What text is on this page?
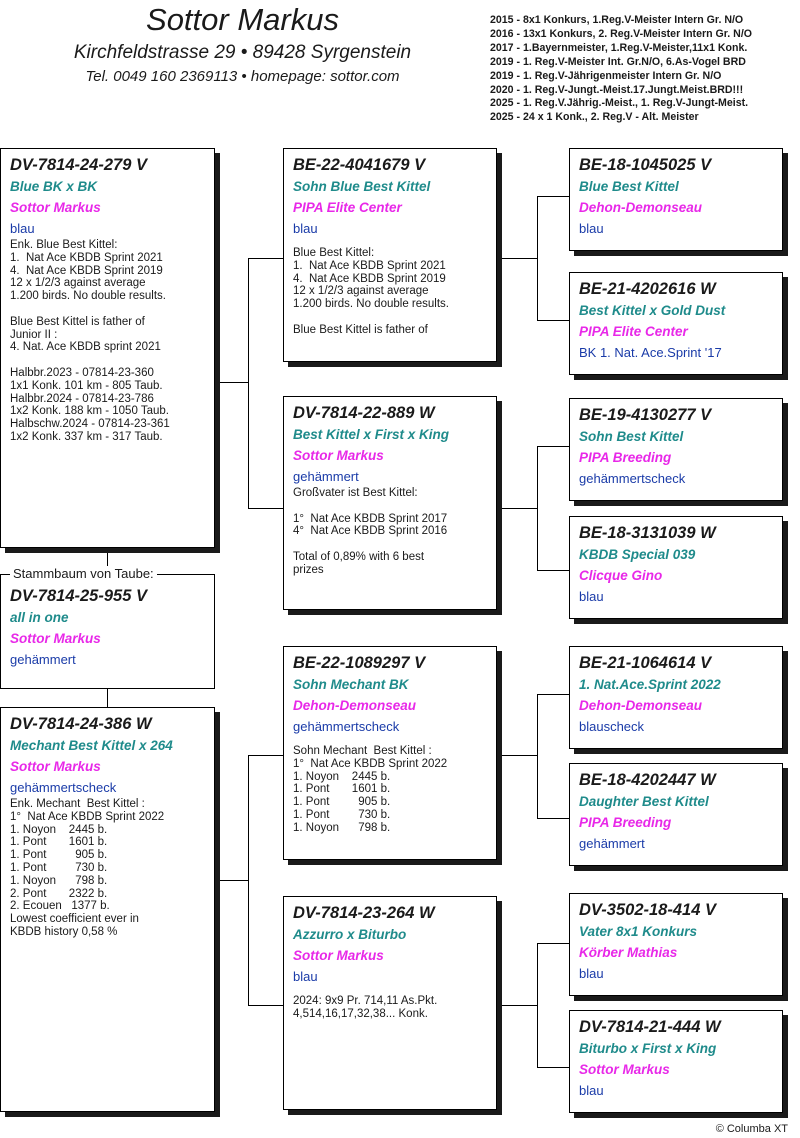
Sottor Markus
Kirchfeldstrasse 29 • 89428 Syrgenstein
Tel. 0049 160 2369113 • homepage: sottor.com
2015 - 8x1 Konkurs, 1.Reg.V-Meister Intern Gr. N/O
2016 - 13x1 Konkurs, 2. Reg.V-Meister Intern Gr. N/O
2017 - 1.Bayernmeister, 1.Reg.V-Meister,11x1 Konk.
2019 - 1. Reg.V-Meister Int. Gr.N/O, 6.As-Vogel BRD
2019 - 1. Reg.V-Jährigenmeister Intern Gr. N/O
2020 - 1. Reg.V-Jungt.-Meist.17.Jungt.Meist.BRD!!!
2025 - 1. Reg.V.Jährig.-Meist., 1. Reg.V-Jungt-Meist.
2025 - 24 x 1 Konk., 2. Reg.V - Alt. Meister
DV-7814-25-955 V
all in one
Sottor Markus
gehämmert
Stammbaum von Taube:
DV-7814-24-279 V
Blue BK x BK
Sottor Markus
blau
Enk. Blue Best Kittel:
1.  Nat Ace KBDB Sprint 2021
4.  Nat Ace KBDB Sprint 2019
12 x 1/2/3 against average
1.200 birds. No double results.

Blue Best Kittel is father of
Junior II :
4. Nat. Ace KBDB sprint 2021

Halbbr.2023 - 07814-23-360
1x1 Konk. 101 km - 805 Taub.
Halbbr.2024 - 07814-23-786
1x2 Konk. 188 km - 1050 Taub.
Halbschw.2024 - 07814-23-361
1x2 Konk. 337 km - 317 Taub.
DV-7814-24-386 W
Mechant Best Kittel x 264
Sottor Markus
gehämmertscheck
Enk. Mechant  Best Kittel :
1°  Nat Ace KBDB Sprint 2022
1. Noyon    2445 b.
1. Pont       1601 b.
1. Pont         905 b.
1. Pont         730 b.
1. Noyon      798 b.
2. Pont       2322 b.
2. Ecouen   1377 b.
Lowest coefficient ever in
KBDB history 0,58 %
BE-22-4041679 V
Sohn Blue Best Kittel
PIPA Elite Center
blau
Blue Best Kittel:
1.  Nat Ace KBDB Sprint 2021
4.  Nat Ace KBDB Sprint 2019
12 x 1/2/3 against average
1.200 birds. No double results.

Blue Best Kittel is father of
DV-7814-22-889 W
Best Kittel x First x King
Sottor Markus
gehämmert
Großvater ist Best Kittel:

1°  Nat Ace KBDB Sprint 2017
4°  Nat Ace KBDB Sprint 2016

Total of 0,89% with 6 best
prizes
BE-22-1089297 V
Sohn Mechant BK
Dehon-Demonseau
gehämmertscheck
Sohn Mechant  Best Kittel :
1°  Nat Ace KBDB Sprint 2022
1. Noyon    2445 b.
1. Pont       1601 b.
1. Pont         905 b.
1. Pont         730 b.
1. Noyon      798 b.
DV-7814-23-264 W
Azzurro x Biturbo
Sottor Markus
blau
2024: 9x9 Pr. 714,11 As.Pkt.
4,514,16,17,32,38... Konk.
BE-18-1045025 V
Blue Best Kittel
Dehon-Demonseau
blau
BE-21-4202616 W
Best Kittel x Gold Dust
PIPA Elite Center
BK 1. Nat. Ace.Sprint '17
BE-19-4130277 V
Sohn Best Kittel
PIPA Breeding
gehämmertscheck
BE-18-3131039 W
KBDB Special 039
Clicque Gino
blau
BE-21-1064614 V
1. Nat.Ace.Sprint 2022
Dehon-Demonseau
blauscheck
BE-18-4202447 W
Daughter Best Kittel
PIPA Breeding
gehämmert
DV-3502-18-414 V
Vater 8x1 Konkurs
Körber Mathias
blau
DV-7814-21-444 W
Biturbo x First x King
Sottor Markus
blau
© Columba XT
